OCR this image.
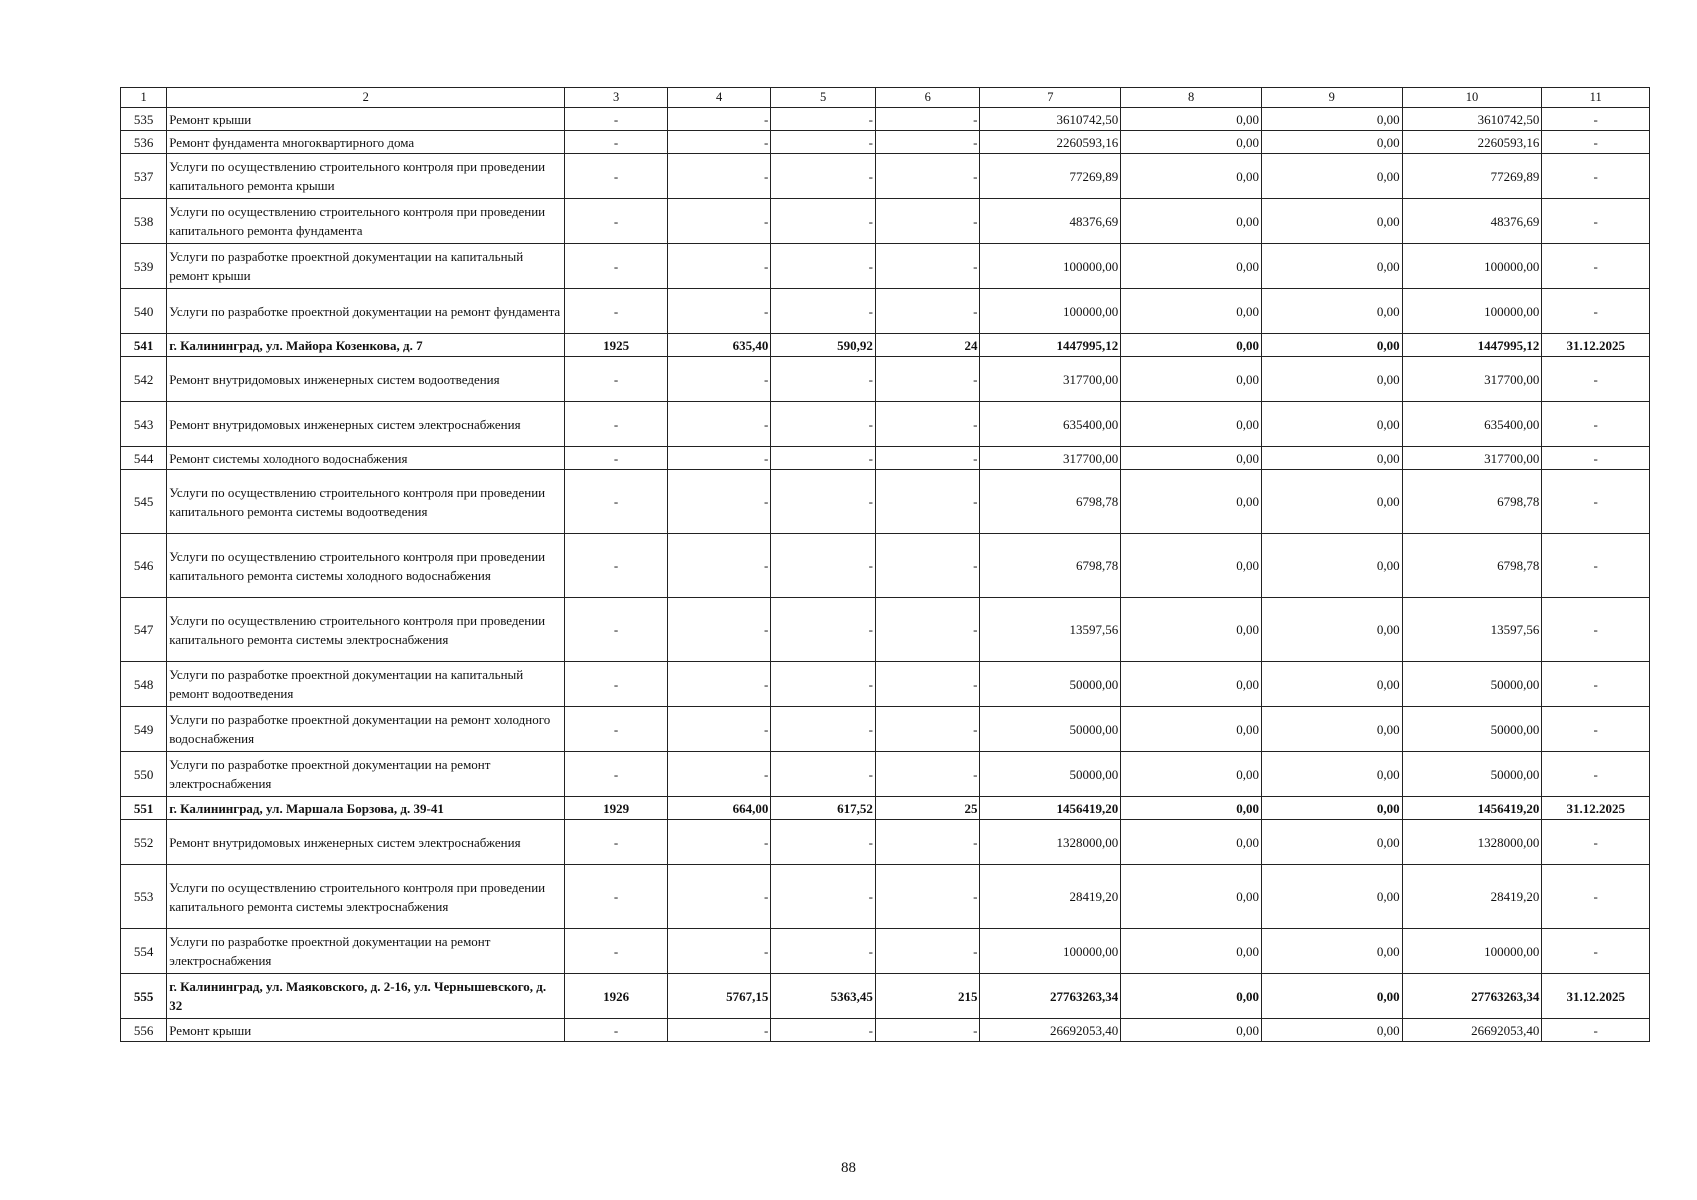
1	2	3	4	5	6	7	8	9	10	11
535	Ремонт крыши	-	-	-	-	3610742,50	0,00	0,00	3610742,50	-
536	Ремонт фундамента многоквартирного дома	-	-	-	-	2260593,16	0,00	0,00	2260593,16	-
537	Услуги по осуществлению строительного контроля при проведении капитального ремонта крыши	-	-	-	-	77269,89	0,00	0,00	77269,89	-
538	Услуги по осуществлению строительного контроля при проведении капитального ремонта фундамента	-	-	-	-	48376,69	0,00	0,00	48376,69	-
539	Услуги по разработке проектной документации на капитальный ремонт крыши	-	-	-	-	100000,00	0,00	0,00	100000,00	-
540	Услуги по разработке проектной документации на ремонт фундамента	-	-	-	-	100000,00	0,00	0,00	100000,00	-
541	г. Калининград, ул. Майора Козенкова, д. 7	1925	635,40	590,92	24	1447995,12	0,00	0,00	1447995,12	31.12.2025
542	Ремонт внутридомовых инженерных систем водоотведения	-	-	-	-	317700,00	0,00	0,00	317700,00	-
543	Ремонт внутридомовых инженерных систем электроснабжения	-	-	-	-	635400,00	0,00	0,00	635400,00	-
544	Ремонт системы холодного водоснабжения	-	-	-	-	317700,00	0,00	0,00	317700,00	-
545	Услуги по осуществлению строительного контроля при проведении капитального ремонта системы водоотведения	-	-	-	-	6798,78	0,00	0,00	6798,78	-
546	Услуги по осуществлению строительного контроля при проведении капитального ремонта системы холодного водоснабжения	-	-	-	-	6798,78	0,00	0,00	6798,78	-
547	Услуги по осуществлению строительного контроля при проведении капитального ремонта системы электроснабжения	-	-	-	-	13597,56	0,00	0,00	13597,56	-
548	Услуги по разработке проектной документации на капитальный ремонт водоотведения	-	-	-	-	50000,00	0,00	0,00	50000,00	-
549	Услуги по разработке проектной документации на ремонт холодного водоснабжения	-	-	-	-	50000,00	0,00	0,00	50000,00	-
550	Услуги по разработке проектной документации на ремонт электроснабжения	-	-	-	-	50000,00	0,00	0,00	50000,00	-
551	г. Калининград, ул. Маршала Борзова, д. 39-41	1929	664,00	617,52	25	1456419,20	0,00	0,00	1456419,20	31.12.2025
552	Ремонт внутридомовых инженерных систем электроснабжения	-	-	-	-	1328000,00	0,00	0,00	1328000,00	-
553	Услуги по осуществлению строительного контроля при проведении капитального ремонта системы электроснабжения	-	-	-	-	28419,20	0,00	0,00	28419,20	-
554	Услуги по разработке проектной документации на ремонт электроснабжения	-	-	-	-	100000,00	0,00	0,00	100000,00	-
555	г. Калининград, ул. Маяковского, д. 2-16, ул. Чернышевского, д. 32	1926	5767,15	5363,45	215	27763263,34	0,00	0,00	27763263,34	31.12.2025
556	Ремонт крыши	-	-	-	-	26692053,40	0,00	0,00	26692053,40	-
88
